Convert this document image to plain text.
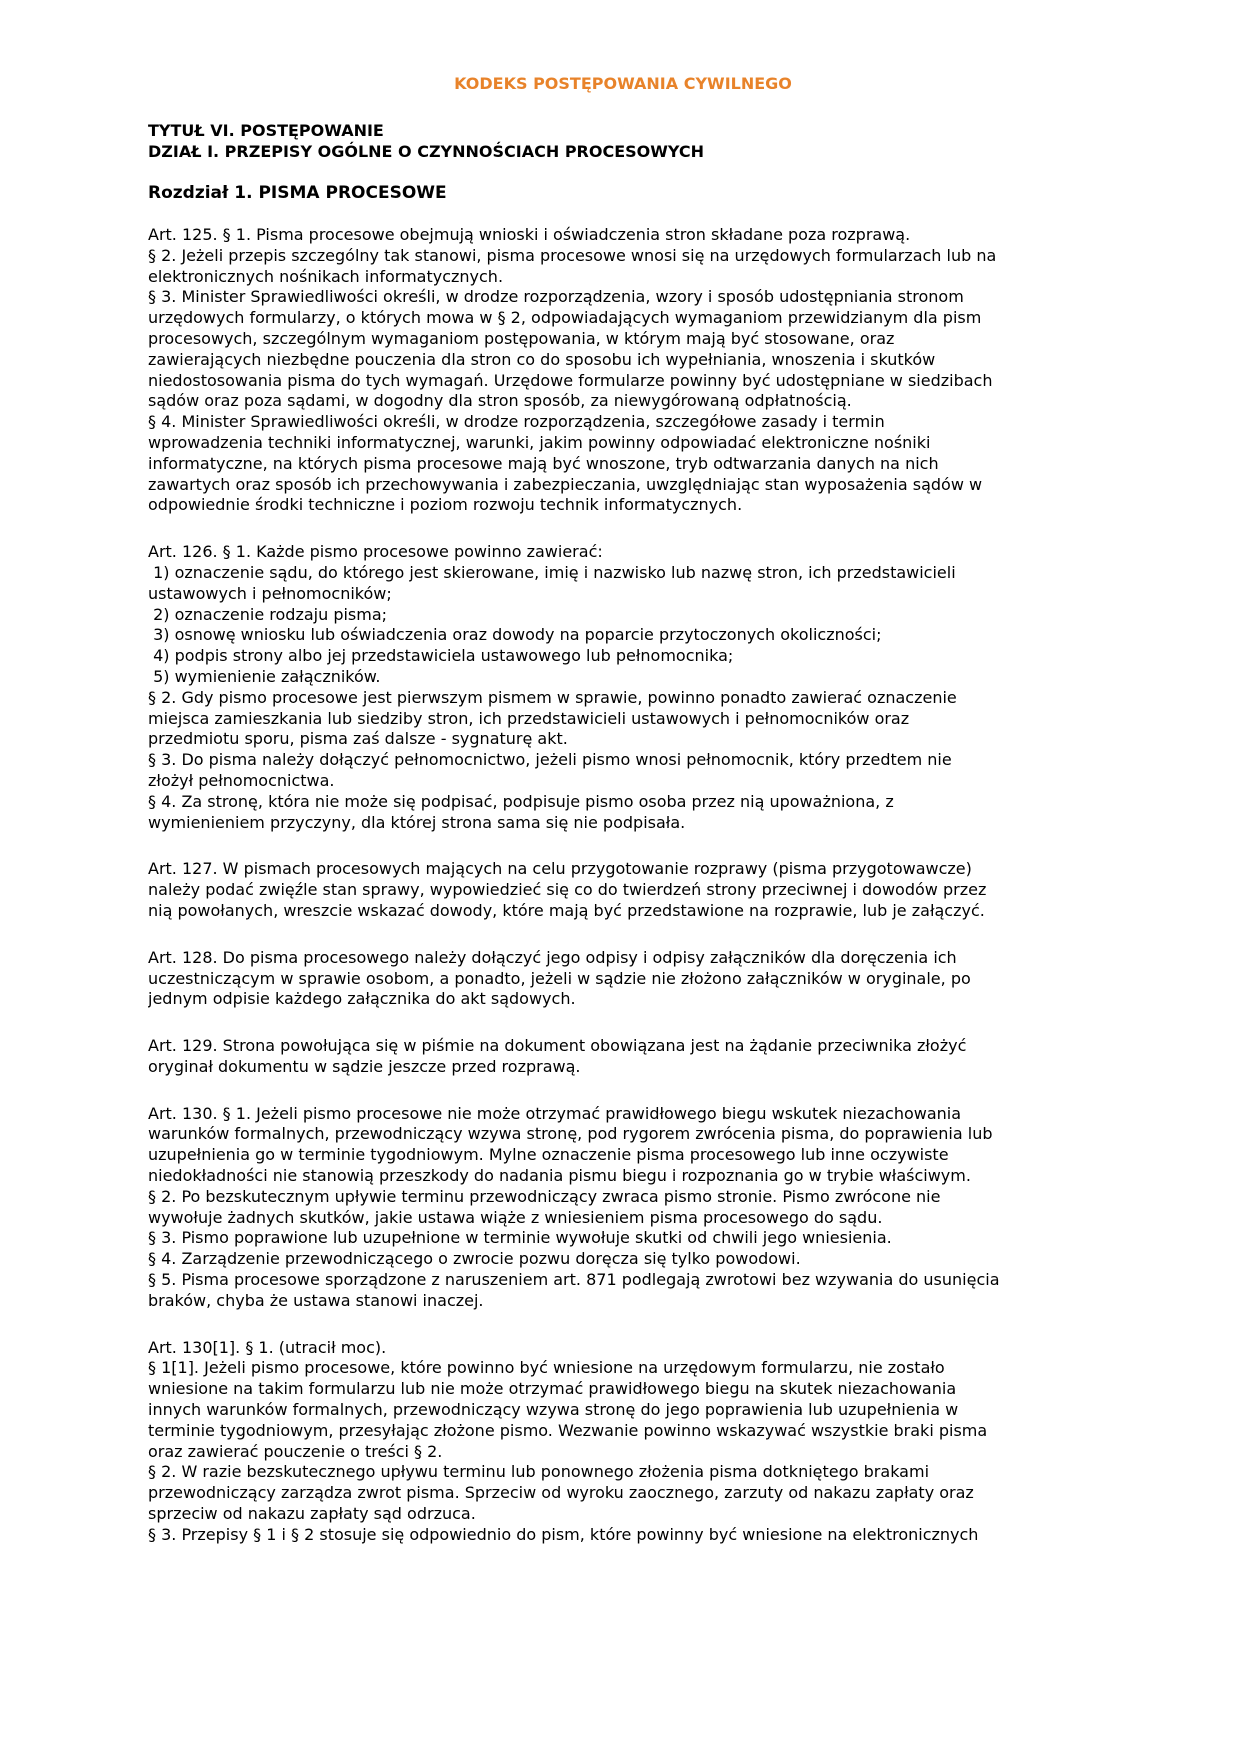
KODEKS POSTĘPOWANIA CYWILNEGO
TYTUŁ VI. POSTĘPOWANIE
DZIAŁ I. PRZEPISY OGÓLNE O CZYNNOŚCIACH PROCESOWYCH
Rozdział 1. PISMA PROCESOWE
Art. 125. § 1. Pisma procesowe obejmują wnioski i oświadczenia stron składane poza rozprawą.
§ 2. Jeżeli przepis szczególny tak stanowi, pisma procesowe wnosi się na urzędowych formularzach lub na
elektronicznych nośnikach informatycznych.
§ 3. Minister Sprawiedliwości określi, w drodze rozporządzenia, wzory i sposób udostępniania stronom
urzędowych formularzy, o których mowa w § 2, odpowiadających wymaganiom przewidzianym dla pism
procesowych, szczególnym wymaganiom postępowania, w którym mają być stosowane, oraz
zawierających niezbędne pouczenia dla stron co do sposobu ich wypełniania, wnoszenia i skutków
niedostosowania pisma do tych wymagań. Urzędowe formularze powinny być udostępniane w siedzibach
sądów oraz poza sądami, w dogodny dla stron sposób, za niewygórowaną odpłatnością.
§ 4. Minister Sprawiedliwości określi, w drodze rozporządzenia, szczegółowe zasady i termin
wprowadzenia techniki informatycznej, warunki, jakim powinny odpowiadać elektroniczne nośniki
informatyczne, na których pisma procesowe mają być wnoszone, tryb odtwarzania danych na nich
zawartych oraz sposób ich przechowywania i zabezpieczania, uwzględniając stan wyposażenia sądów w
odpowiednie środki techniczne i poziom rozwoju technik informatycznych.
Art. 126. § 1. Każde pismo procesowe powinno zawierać:
1) oznaczenie sądu, do którego jest skierowane, imię i nazwisko lub nazwę stron, ich przedstawicieli
ustawowych i pełnomocników;
2) oznaczenie rodzaju pisma;
3) osnowę wniosku lub oświadczenia oraz dowody na poparcie przytoczonych okoliczności;
4) podpis strony albo jej przedstawiciela ustawowego lub pełnomocnika;
5) wymienienie załączników.
§ 2. Gdy pismo procesowe jest pierwszym pismem w sprawie, powinno ponadto zawierać oznaczenie
miejsca zamieszkania lub siedziby stron, ich przedstawicieli ustawowych i pełnomocników oraz
przedmiotu sporu, pisma zaś dalsze - sygnaturę akt.
§ 3. Do pisma należy dołączyć pełnomocnictwo, jeżeli pismo wnosi pełnomocnik, który przedtem nie
złożył pełnomocnictwa.
§ 4. Za stronę, która nie może się podpisać, podpisuje pismo osoba przez nią upoważniona, z
wymienieniem przyczyny, dla której strona sama się nie podpisała.
Art. 127. W pismach procesowych mających na celu przygotowanie rozprawy (pisma przygotowawcze)
należy podać zwięźle stan sprawy, wypowiedzieć się co do twierdzeń strony przeciwnej i dowodów przez
nią powołanych, wreszcie wskazać dowody, które mają być przedstawione na rozprawie, lub je załączyć.
Art. 128. Do pisma procesowego należy dołączyć jego odpisy i odpisy załączników dla doręczenia ich
uczestniczącym w sprawie osobom, a ponadto, jeżeli w sądzie nie złożono załączników w oryginale, po
jednym odpisie każdego załącznika do akt sądowych.
Art. 129. Strona powołująca się w piśmie na dokument obowiązana jest na żądanie przeciwnika złożyć
oryginał dokumentu w sądzie jeszcze przed rozprawą.
Art. 130. § 1. Jeżeli pismo procesowe nie może otrzymać prawidłowego biegu wskutek niezachowania
warunków formalnych, przewodniczący wzywa stronę, pod rygorem zwrócenia pisma, do poprawienia lub
uzupełnienia go w terminie tygodniowym. Mylne oznaczenie pisma procesowego lub inne oczywiste
niedokładności nie stanowią przeszkody do nadania pismu biegu i rozpoznania go w trybie właściwym.
§ 2. Po bezskutecznym upływie terminu przewodniczący zwraca pismo stronie. Pismo zwrócone nie
wywołuje żadnych skutków, jakie ustawa wiąże z wniesieniem pisma procesowego do sądu.
§ 3. Pismo poprawione lub uzupełnione w terminie wywołuje skutki od chwili jego wniesienia.
§ 4. Zarządzenie przewodniczącego o zwrocie pozwu doręcza się tylko powodowi.
§ 5. Pisma procesowe sporządzone z naruszeniem art. 871 podlegają zwrotowi bez wzywania do usunięcia
braków, chyba że ustawa stanowi inaczej.
Art. 130[1]. § 1. (utracił moc).
§ 1[1]. Jeżeli pismo procesowe, które powinno być wniesione na urzędowym formularzu, nie zostało
wniesione na takim formularzu lub nie może otrzymać prawidłowego biegu na skutek niezachowania
innych warunków formalnych, przewodniczący wzywa stronę do jego poprawienia lub uzupełnienia w
terminie tygodniowym, przesyłając złożone pismo. Wezwanie powinno wskazywać wszystkie braki pisma
oraz zawierać pouczenie o treści § 2.
§ 2. W razie bezskutecznego upływu terminu lub ponownego złożenia pisma dotkniętego brakami
przewodniczący zarządza zwrot pisma. Sprzeciw od wyroku zaocznego, zarzuty od nakazu zapłaty oraz
sprzeciw od nakazu zapłaty sąd odrzuca.
§ 3. Przepisy § 1 i § 2 stosuje się odpowiednio do pism, które powinny być wniesione na elektronicznych
